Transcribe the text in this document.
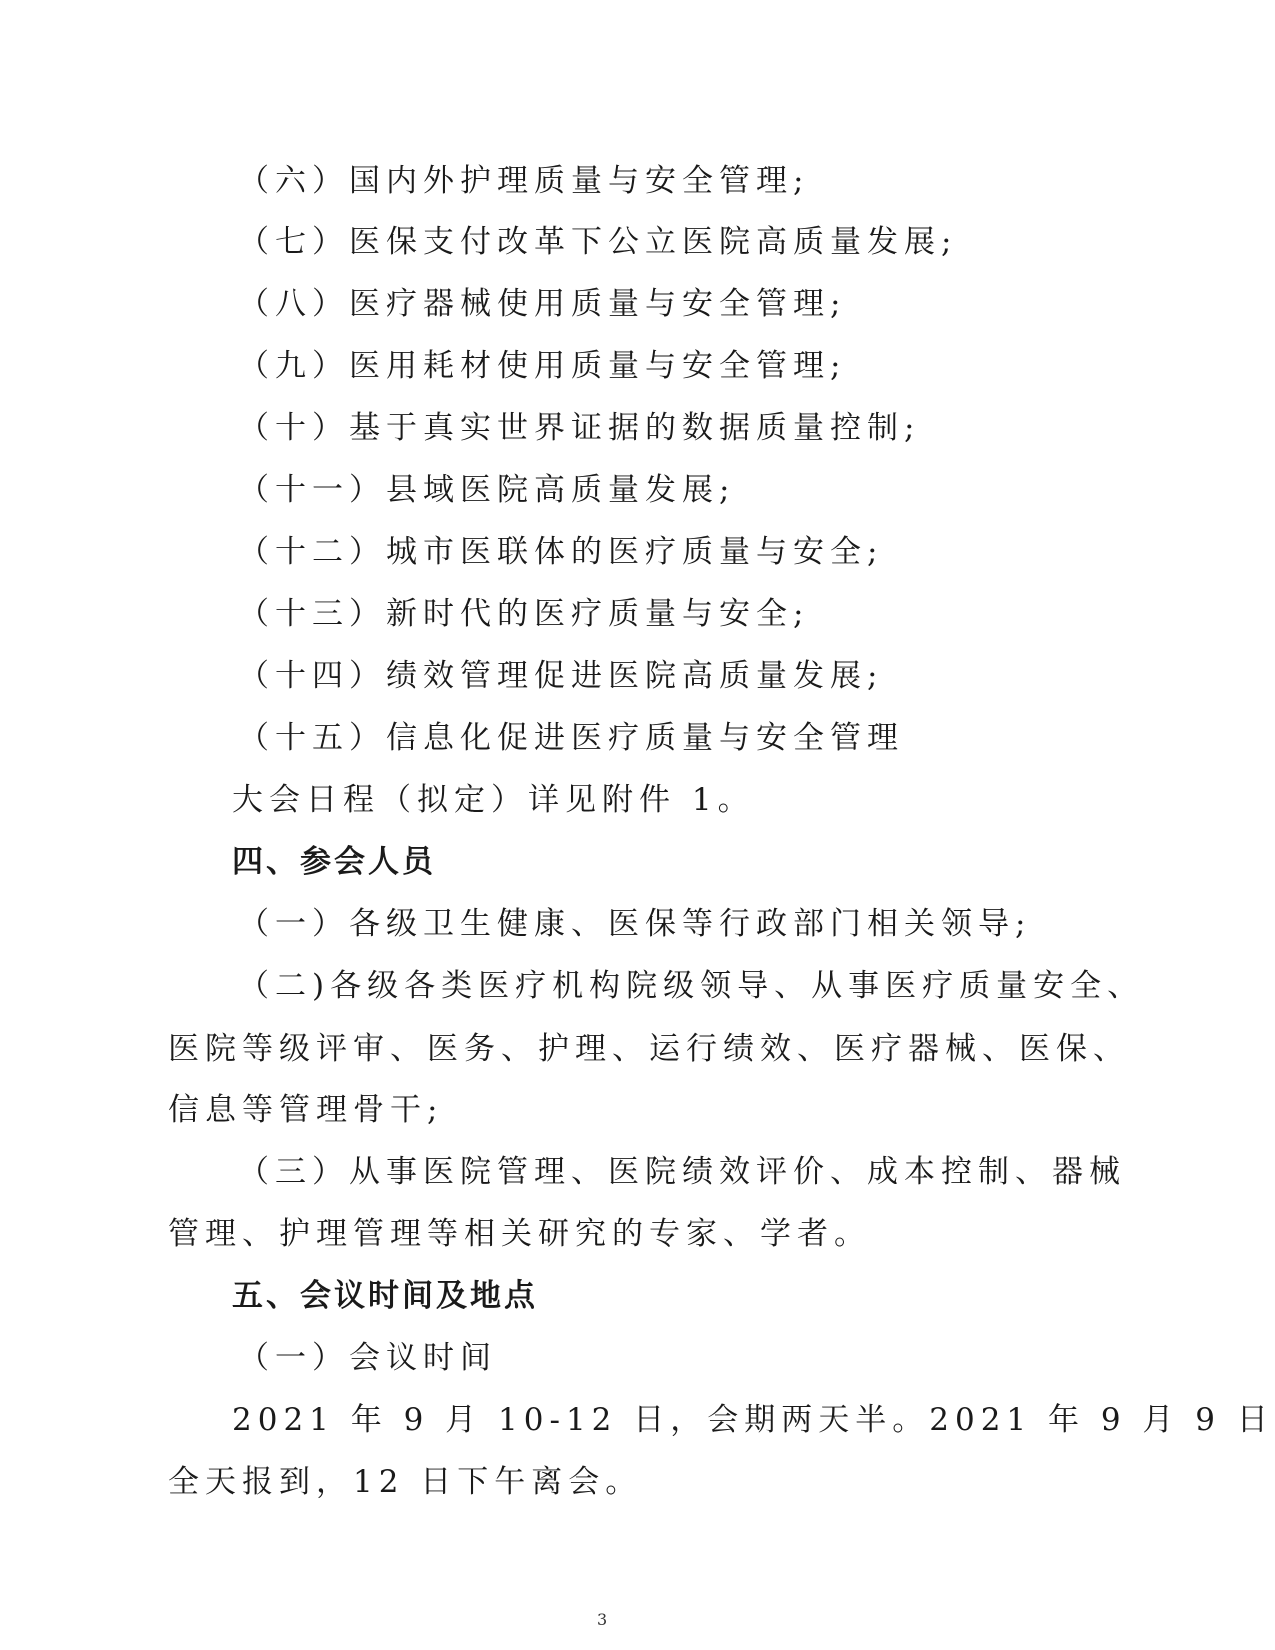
（六）国内外护理质量与安全管理;
（七）医保支付改革下公立医院高质量发展;
（八）医疗器械使用质量与安全管理;
（九）医用耗材使用质量与安全管理;
（十）基于真实世界证据的数据质量控制;
（十一）县域医院高质量发展;
（十二）城市医联体的医疗质量与安全;
（十三）新时代的医疗质量与安全;
（十四）绩效管理促进医院高质量发展;
（十五）信息化促进医疗质量与安全管理
大会日程（拟定）详见附件 1。
四、参会人员
（一）各级卫生健康、医保等行政部门相关领导;
（二)各级各类医疗机构院级领导、从事医疗质量安全、
医院等级评审、医务、护理、运行绩效、医疗器械、医保、
信息等管理骨干;
（三）从事医院管理、医院绩效评价、成本控制、器械
管理、护理管理等相关研究的专家、学者。
五、会议时间及地点
（一）会议时间
2021 年 9 月 10-12 日，会期两天半。2021 年 9 月 9 日
全天报到，12 日下午离会。
3
